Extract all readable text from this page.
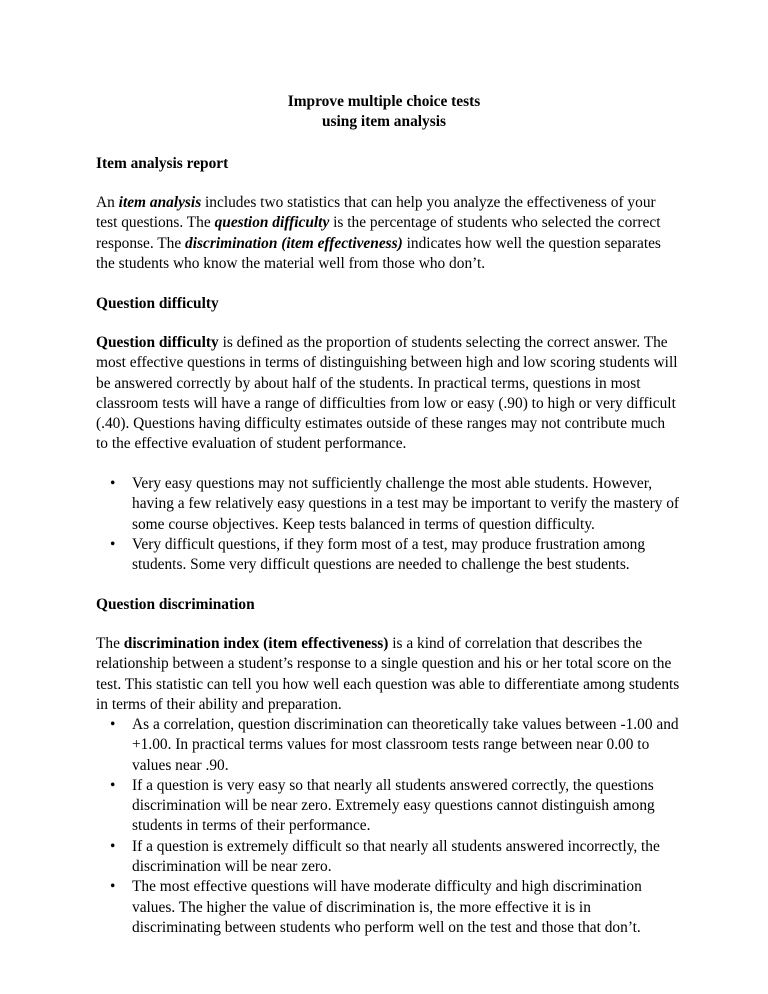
Improve multiple choice tests
using item analysis

Item analysis report

An item analysis includes two statistics that can help you analyze the effectiveness of your test questions. The question difficulty is the percentage of students who selected the correct response. The discrimination (item effectiveness) indicates how well the question separates the students who know the material well from those who don’t.

Question difficulty

Question difficulty is defined as the proportion of students selecting the correct answer. The most effective questions in terms of distinguishing between high and low scoring students will be answered correctly by about half of the students. In practical terms, questions in most classroom tests will have a range of difficulties from low or easy (.90) to high or very difficult (.40). Questions having difficulty estimates outside of these ranges may not contribute much to the effective evaluation of student performance.

• Very easy questions may not sufficiently challenge the most able students. However, having a few relatively easy questions in a test may be important to verify the mastery of some course objectives. Keep tests balanced in terms of question difficulty.
• Very difficult questions, if they form most of a test, may produce frustration among students. Some very difficult questions are needed to challenge the best students.

Question discrimination

The discrimination index (item effectiveness) is a kind of correlation that describes the relationship between a student’s response to a single question and his or her total score on the test. This statistic can tell you how well each question was able to differentiate among students in terms of their ability and preparation.

• As a correlation, question discrimination can theoretically take values between -1.00 and +1.00. In practical terms values for most classroom tests range between near 0.00 to values near .90.
• If a question is very easy so that nearly all students answered correctly, the questions discrimination will be near zero. Extremely easy questions cannot distinguish among students in terms of their performance.
• If a question is extremely difficult so that nearly all students answered incorrectly, the discrimination will be near zero.
• The most effective questions will have moderate difficulty and high discrimination values. The higher the value of discrimination is, the more effective it is in discriminating between students who perform well on the test and those that don’t.
